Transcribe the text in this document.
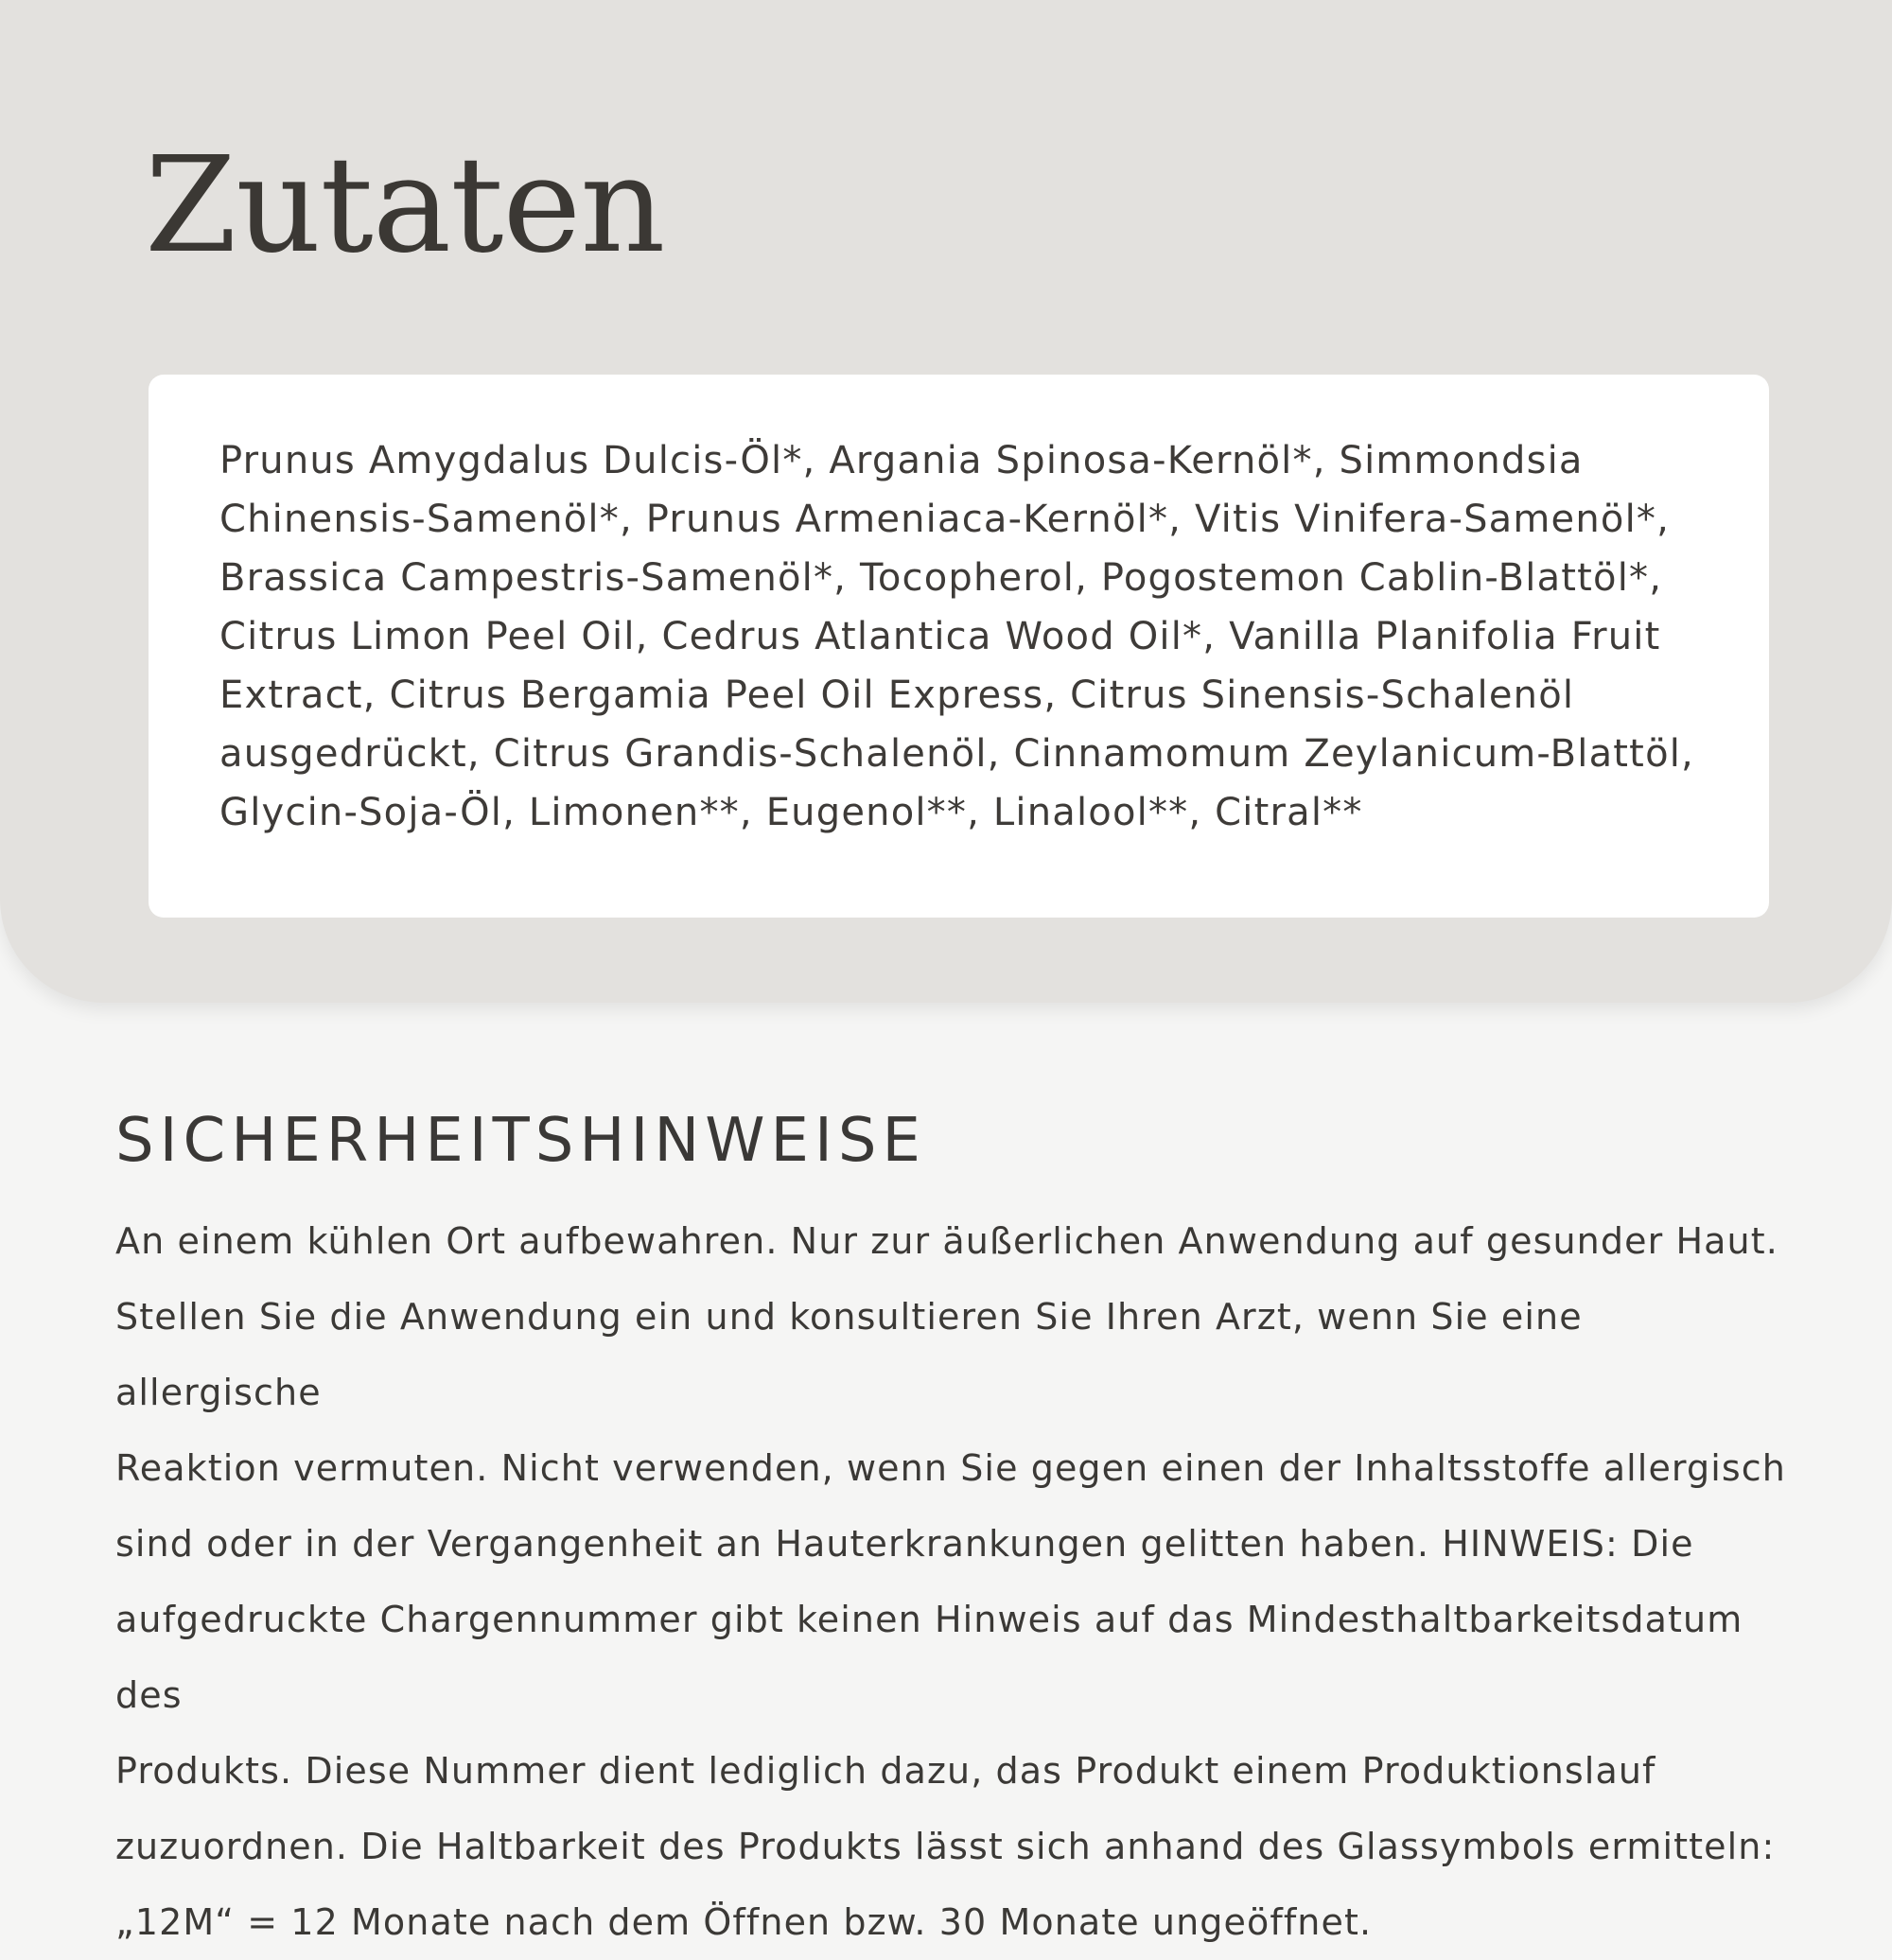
Zutaten

Prunus Amygdalus Dulcis-Öl*, Argania Spinosa-Kernöl*, Simmondsia
Chinensis-Samenöl*, Prunus Armeniaca-Kernöl*, Vitis Vinifera-Samenöl*,
Brassica Campestris-Samenöl*, Tocopherol, Pogostemon Cablin-Blattöl*,
Citrus Limon Peel Oil, Cedrus Atlantica Wood Oil*, Vanilla Planifolia Fruit
Extract, Citrus Bergamia Peel Oil Express, Citrus Sinensis-Schalenöl
ausgedrückt, Citrus Grandis-Schalenöl, Cinnamomum Zeylanicum-Blattöl,
Glycin-Soja-Öl, Limonen**, Eugenol**, Linalool**, Citral**

SICHERHEITSHINWEISE

An einem kühlen Ort aufbewahren. Nur zur äußerlichen Anwendung auf gesunder Haut.
Stellen Sie die Anwendung ein und konsultieren Sie Ihren Arzt, wenn Sie eine allergische
Reaktion vermuten. Nicht verwenden, wenn Sie gegen einen der Inhaltsstoffe allergisch
sind oder in der Vergangenheit an Hauterkrankungen gelitten haben. HINWEIS: Die
aufgedruckte Chargennummer gibt keinen Hinweis auf das Mindesthaltbarkeitsdatum des
Produkts. Diese Nummer dient lediglich dazu, das Produkt einem Produktionslauf
zuzuordnen. Die Haltbarkeit des Produkts lässt sich anhand des Glassymbols ermitteln:
„12M“ = 12 Monate nach dem Öffnen bzw. 30 Monate ungeöffnet.
